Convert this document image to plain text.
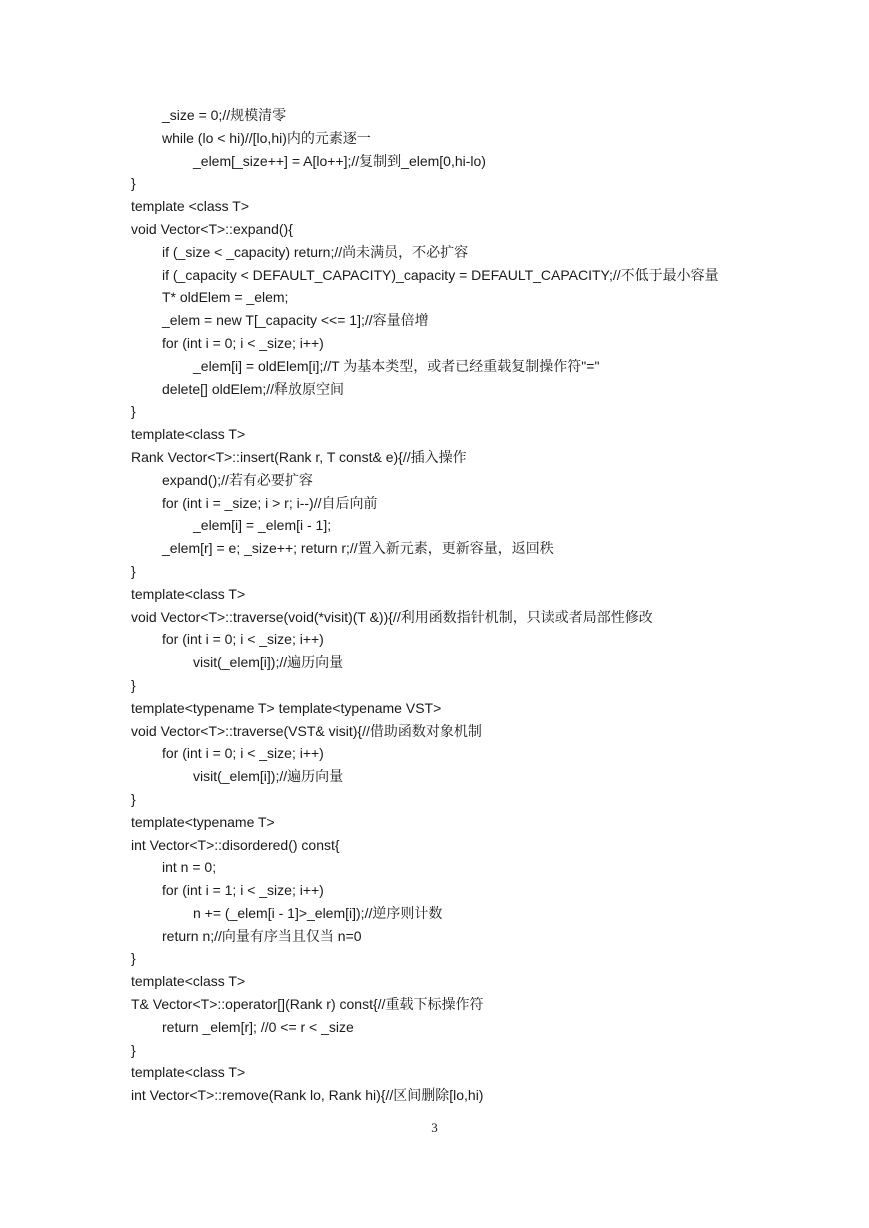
_size = 0;//规模清零
while (lo < hi)//[lo,hi)内的元素逐一
_elem[_size++] = A[lo++];//复制到_elem[0,hi-lo)
}
template <class T>
void Vector<T>::expand(){
if (_size < _capacity) return;//尚未满员，不必扩容
if (_capacity < DEFAULT_CAPACITY)_capacity = DEFAULT_CAPACITY;//不低于最小容量
T* oldElem = _elem;
_elem = new T[_capacity <<= 1];//容量倍增
for (int i = 0; i < _size; i++)
_elem[i] = oldElem[i];//T 为基本类型，或者已经重载复制操作符"="
delete[] oldElem;//释放原空间
}
template<class T>
Rank Vector<T>::insert(Rank r, T const& e){//插入操作
expand();//若有必要扩容
for (int i = _size; i > r; i--)//自后向前
_elem[i] = _elem[i - 1];
_elem[r] = e; _size++; return r;//置入新元素，更新容量，返回秩
}
template<class T>
void Vector<T>::traverse(void(*visit)(T &)){//利用函数指针机制，只读或者局部性修改
for (int i = 0; i < _size; i++)
visit(_elem[i]);//遍历向量
}
template<typename T> template<typename VST>
void Vector<T>::traverse(VST& visit){//借助函数对象机制
for (int i = 0; i < _size; i++)
visit(_elem[i]);//遍历向量
}
template<typename T>
int Vector<T>::disordered() const{
int n = 0;
for (int i = 1; i < _size; i++)
n += (_elem[i - 1]>_elem[i]);//逆序则计数
return n;//向量有序当且仅当 n=0
}
template<class T>
T& Vector<T>::operator[](Rank r) const{//重载下标操作符
return _elem[r]; //0 <= r < _size
}
template<class T>
int Vector<T>::remove(Rank lo, Rank hi){//区间删除[lo,hi)
3
